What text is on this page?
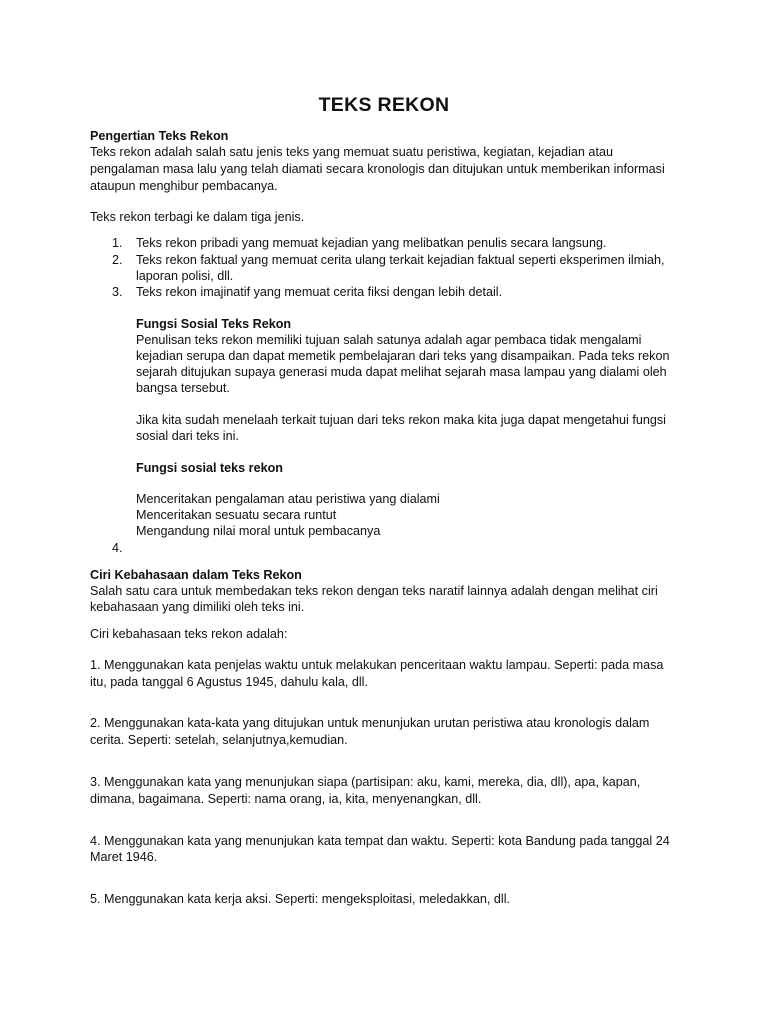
TEKS REKON
Pengertian Teks Rekon
Teks rekon adalah salah satu jenis teks yang memuat suatu peristiwa, kegiatan, kejadian atau
pengalaman masa lalu yang telah diamati secara kronologis dan ditujukan untuk memberikan informasi
ataupun menghibur pembacanya.
Teks rekon terbagi ke dalam tiga jenis.
1.	Teks rekon pribadi yang memuat kejadian yang melibatkan penulis secara langsung.
2.	Teks rekon faktual yang memuat cerita ulang terkait kejadian faktual seperti eksperimen ilmiah,
laporan polisi, dll.
3.	Teks rekon imajinatif yang memuat cerita fiksi dengan lebih detail.
Fungsi Sosial Teks Rekon
Penulisan teks rekon memiliki tujuan salah satunya adalah agar pembaca tidak mengalami
kejadian serupa dan dapat memetik pembelajaran dari teks yang disampaikan. Pada teks rekon
sejarah ditujukan supaya generasi muda dapat melihat sejarah masa lampau yang dialami oleh
bangsa tersebut.
Jika kita sudah menelaah terkait tujuan dari teks rekon maka kita juga dapat mengetahui fungsi
sosial dari teks ini.
Fungsi sosial teks rekon
Menceritakan pengalaman atau peristiwa yang dialami
Menceritakan sesuatu secara runtut
Mengandung nilai moral untuk pembacanya
4.
Ciri Kebahasaan dalam Teks Rekon
Salah satu cara untuk membedakan teks rekon dengan teks naratif lainnya adalah dengan melihat ciri
kebahasaan yang dimiliki oleh teks ini.
Ciri kebahasaan teks rekon adalah:
1. Menggunakan kata penjelas waktu untuk melakukan penceritaan waktu lampau. Seperti: pada masa
itu, pada tanggal 6 Agustus 1945, dahulu kala, dll.
2. Menggunakan kata-kata yang ditujukan untuk menunjukan urutan peristiwa atau kronologis dalam
cerita. Seperti: setelah, selanjutnya,kemudian.
3. Menggunakan kata yang menunjukan siapa (partisipan: aku, kami, mereka, dia, dll), apa, kapan,
dimana, bagaimana. Seperti: nama orang, ia, kita, menyenangkan, dll.
4. Menggunakan kata yang menunjukan kata tempat dan waktu. Seperti: kota Bandung pada tanggal 24
Maret 1946.
5. Menggunakan kata kerja aksi. Seperti: mengeksploitasi, meledakkan, dll.
